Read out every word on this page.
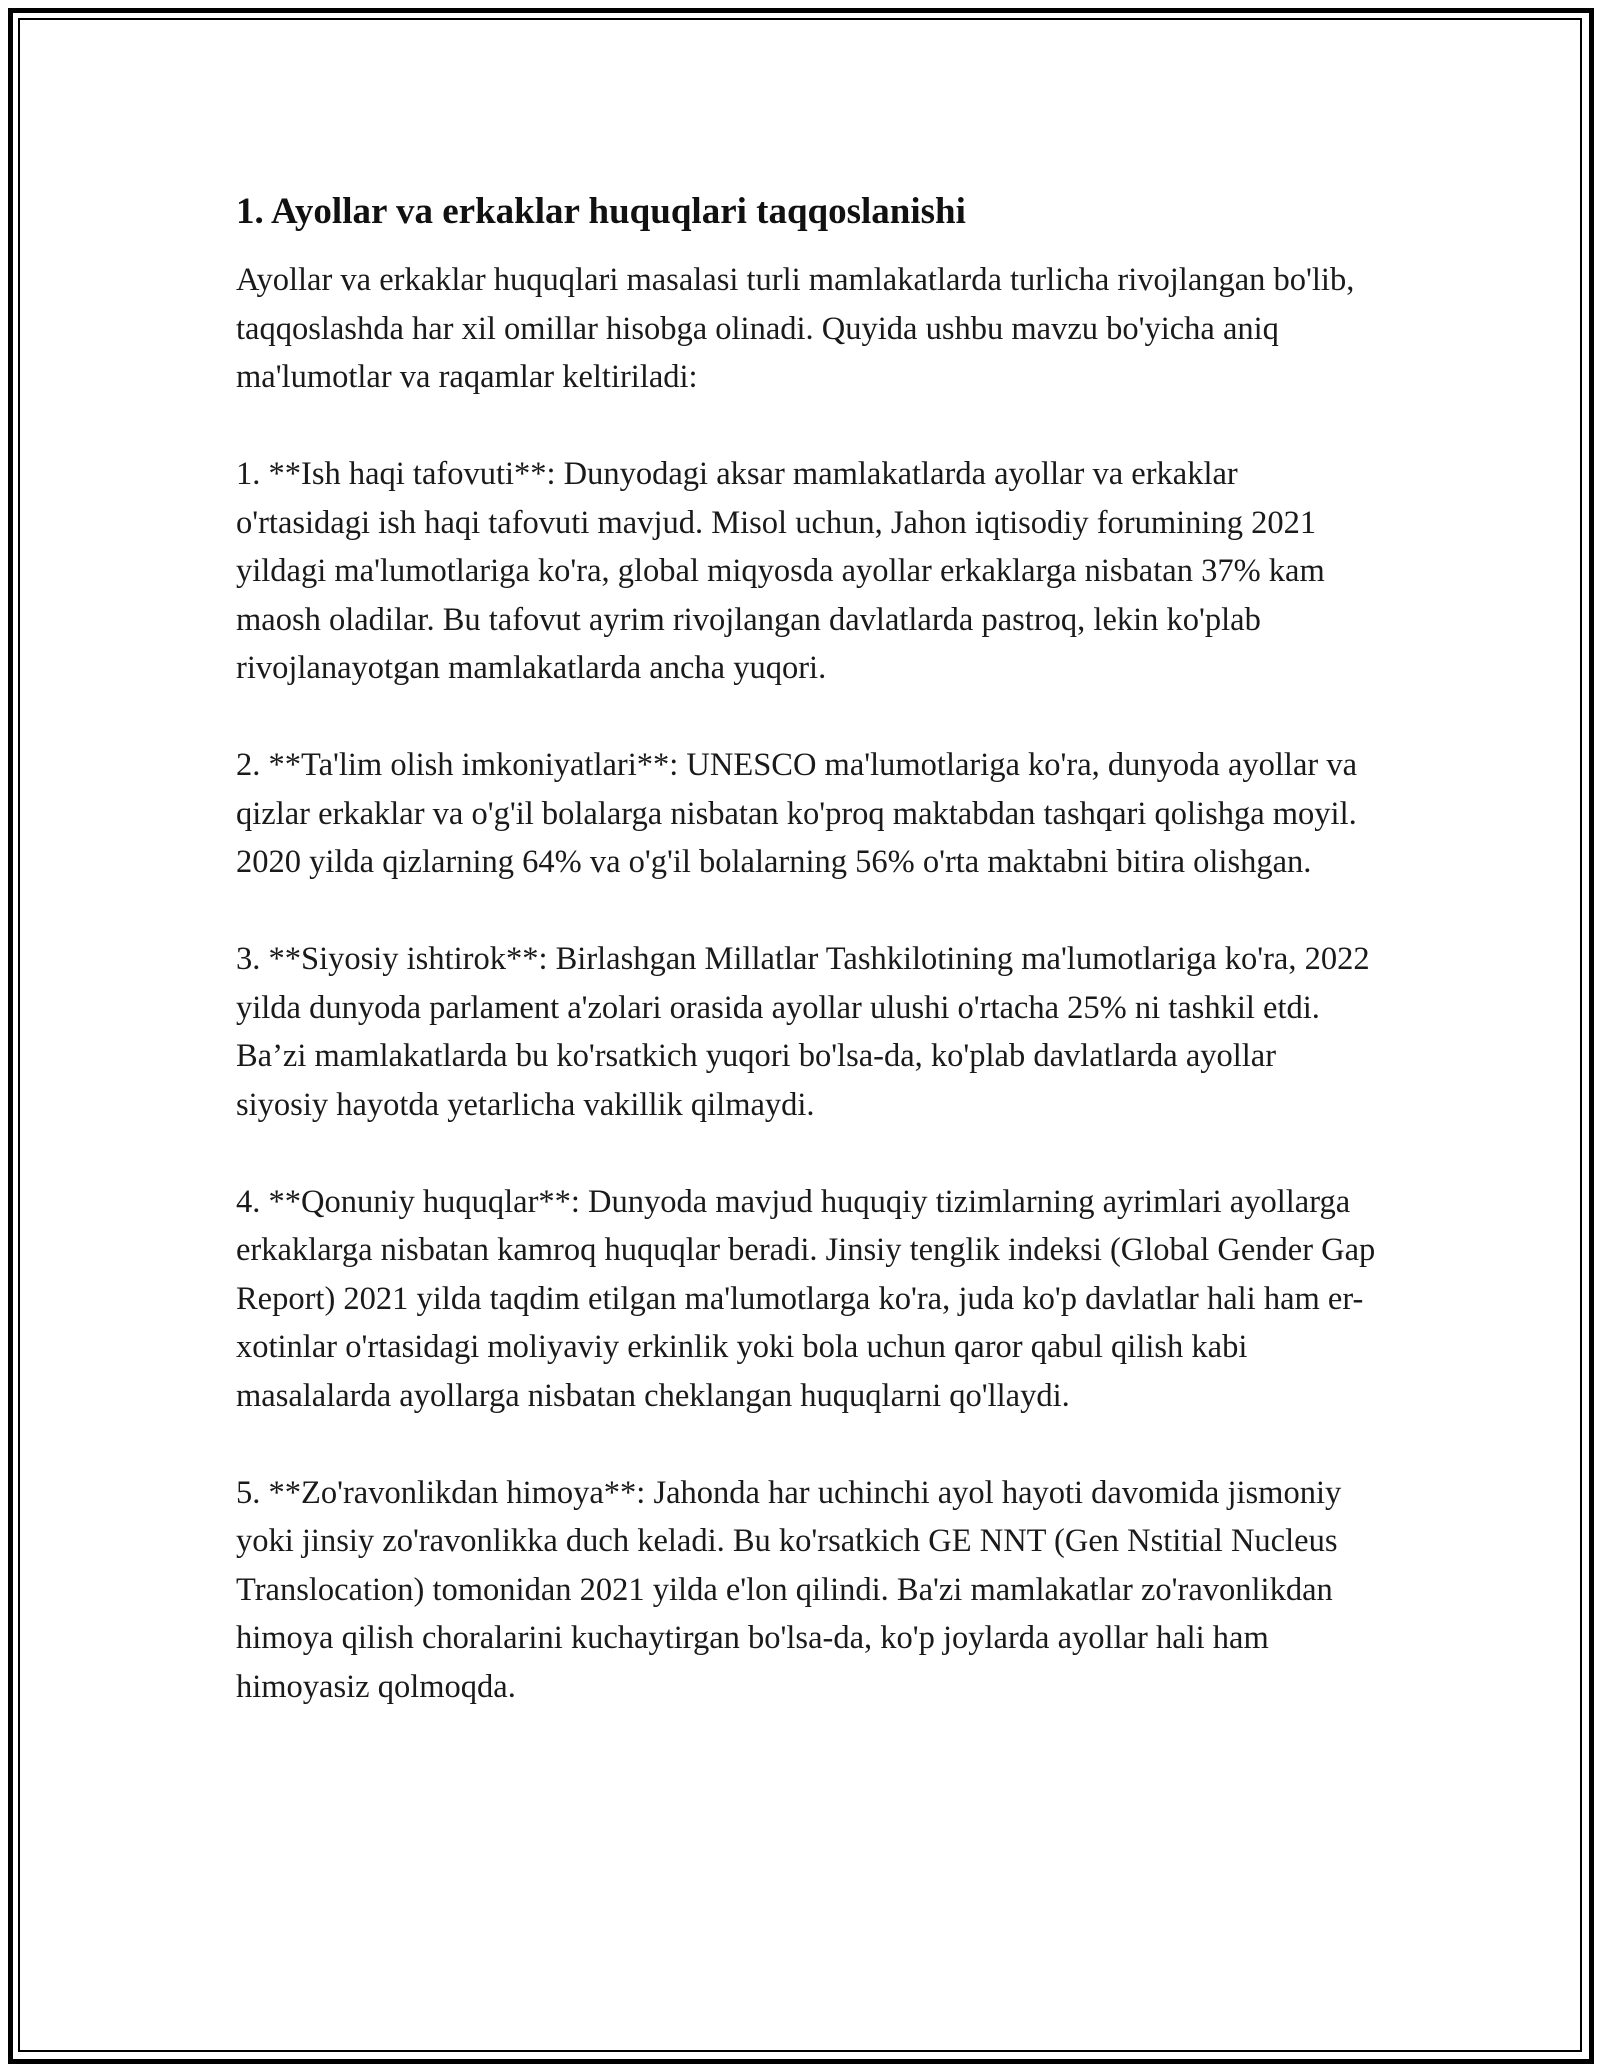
1. Ayollar va erkaklar huquqlari taqqoslanishi

Ayollar va erkaklar huquqlari masalasi turli mamlakatlarda turlicha rivojlangan bo'lib, taqqoslashda har xil omillar hisobga olinadi. Quyida ushbu mavzu bo'yicha aniq ma'lumotlar va raqamlar keltiriladi:

1. **Ish haqi tafovuti**: Dunyodagi aksar mamlakatlarda ayollar va erkaklar o'rtasidagi ish haqi tafovuti mavjud. Misol uchun, Jahon iqtisodiy forumining 2021 yildagi ma'lumotlariga ko'ra, global miqyosda ayollar erkaklarga nisbatan 37% kam maosh oladilar. Bu tafovut ayrim rivojlangan davlatlarda pastroq, lekin ko'plab rivojlanayotgan mamlakatlarda ancha yuqori.

2. **Ta'lim olish imkoniyatlari**: UNESCO ma'lumotlariga ko'ra, dunyoda ayollar va qizlar erkaklar va o'g'il bolalarga nisbatan ko'proq maktabdan tashqari qolishga moyil. 2020 yilda qizlarning 64% va o'g'il bolalarning 56% o'rta maktabni bitira olishgan.

3. **Siyosiy ishtirok**: Birlashgan Millatlar Tashkilotining ma'lumotlariga ko'ra, 2022 yilda dunyoda parlament a'zolari orasida ayollar ulushi o'rtacha 25% ni tashkil etdi. Ba’zi mamlakatlarda bu ko'rsatkich yuqori bo'lsa-da, ko'plab davlatlarda ayollar siyosiy hayotda yetarlicha vakillik qilmaydi.

4. **Qonuniy huquqlar**: Dunyoda mavjud huquqiy tizimlarning ayrimlari ayollarga erkaklarga nisbatan kamroq huquqlar beradi. Jinsiy tenglik indeksi (Global Gender Gap Report) 2021 yilda taqdim etilgan ma'lumotlarga ko'ra, juda ko'p davlatlar hali ham er-xotinlar o'rtasidagi moliyaviy erkinlik yoki bola uchun qaror qabul qilish kabi masalalarda ayollarga nisbatan cheklangan huquqlarni qo'llaydi.

5. **Zo'ravonlikdan himoya**: Jahonda har uchinchi ayol hayoti davomida jismoniy yoki jinsiy zo'ravonlikka duch keladi. Bu ko'rsatkich GE NNT (Gen Nstitial Nucleus Translocation) tomonidan 2021 yilda e'lon qilindi. Ba'zi mamlakatlar zo'ravonlikdan himoya qilish choralarini kuchaytirgan bo'lsa-da, ko'p joylarda ayollar hali ham himoyasiz qolmoqda.
